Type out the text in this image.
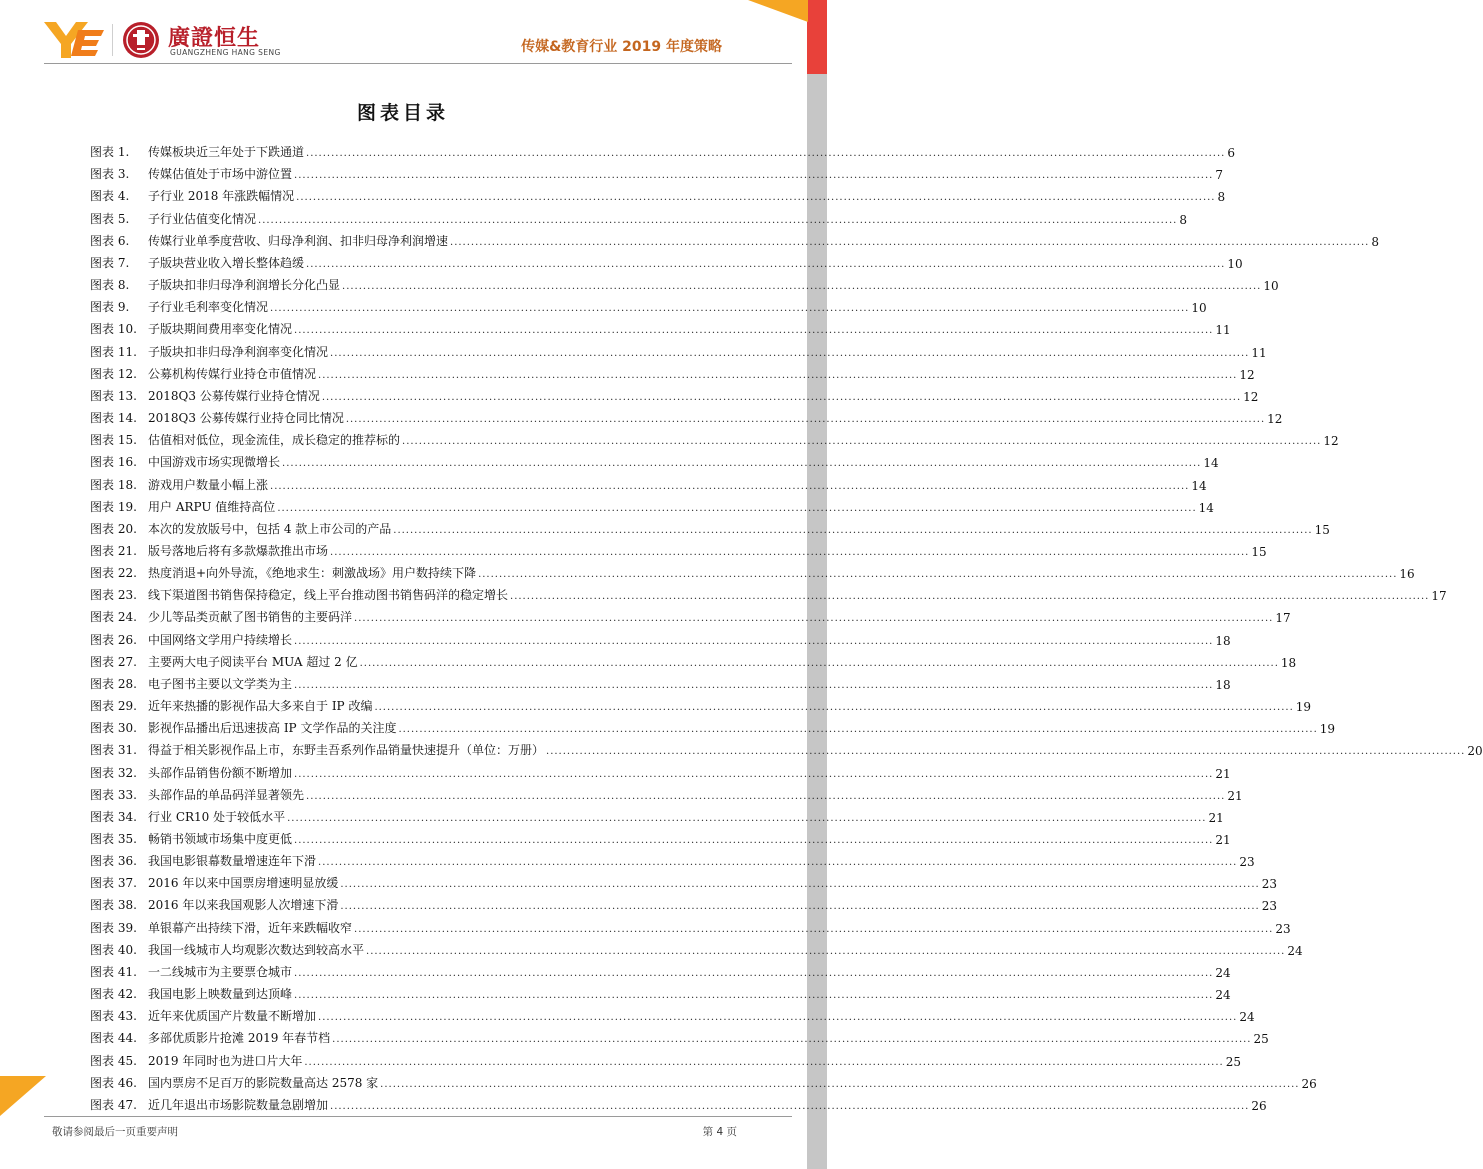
廣證恒生
GUANGZHENG HANG SENG	传媒&教育行业 2019 年度策略
图表目录
图表 1.	传媒板块近三年处于下跌通道 ............................................................................................................................................................................................................................ 6
图表 3.	传媒估值处于市场中游位置 ............................................................................................................................................................................................................................ 7
图表 4.	子行业 2018 年涨跌幅情况 ............................................................................................................................................................................................................................ 8
图表 5.	子行业估值变化情况 ............................................................................................................................................................................................................................ 8
图表 6.	传媒行业单季度营收、归母净利润、扣非归母净利润增速 ............................................................................................................................................................................................................................ 8
图表 7.	子版块营业收入增长整体趋缓 ............................................................................................................................................................................................................................ 10
图表 8.	子版块扣非归母净利润增长分化凸显 ............................................................................................................................................................................................................................ 10
图表 9.	子行业毛利率变化情况 ............................................................................................................................................................................................................................ 10
图表 10. 子版块期间费用率变化情况 ............................................................................................................................................................................................................................ 11
图表 11. 子版块扣非归母净利润率变化情况 ............................................................................................................................................................................................................................ 11
图表 12. 公募机构传媒行业持仓市值情况 ............................................................................................................................................................................................................................ 12
图表 13. 2018Q3 公募传媒行业持仓情况 ............................................................................................................................................................................................................................ 12
图表 14. 2018Q3 公募传媒行业持仓同比情况 ............................................................................................................................................................................................................................ 12
图表 15. 估值相对低位，现金流佳，成长稳定的推荐标的 ............................................................................................................................................................................................................................ 12
图表 16. 中国游戏市场实现微增长 ............................................................................................................................................................................................................................ 14
图表 18. 游戏用户数量小幅上涨 ............................................................................................................................................................................................................................ 14
图表 19. 用户 ARPU 值维持高位 ............................................................................................................................................................................................................................ 14
图表 20. 本次的发放版号中，包括 4 款上市公司的产品 ............................................................................................................................................................................................................................ 15
图表 21. 版号落地后将有多款爆款推出市场 ............................................................................................................................................................................................................................ 15
图表 22. 热度消退+向外导流，《绝地求生：刺激战场》用户数持续下降 ............................................................................................................................................................................................................................ 16
图表 23. 线下渠道图书销售保持稳定，线上平台推动图书销售码洋的稳定增长 ............................................................................................................................................................................................................................ 17
图表 24. 少儿等品类贡献了图书销售的主要码洋 ............................................................................................................................................................................................................................ 17
图表 26. 中国网络文学用户持续增长 ............................................................................................................................................................................................................................ 18
图表 27. 主要两大电子阅读平台 MUA 超过 2 亿 ............................................................................................................................................................................................................................ 18
图表 28. 电子图书主要以文学类为主 ............................................................................................................................................................................................................................ 18
图表 29. 近年来热播的影视作品大多来自于 IP 改编 ............................................................................................................................................................................................................................ 19
图表 30. 影视作品播出后迅速拔高 IP 文学作品的关注度 ............................................................................................................................................................................................................................ 19
图表 31. 得益于相关影视作品上市，东野圭吾系列作品销量快速提升（单位：万册） ............................................................................................................................................................................................................................ 20
图表 32. 头部作品销售份额不断增加 ............................................................................................................................................................................................................................ 21
图表 33. 头部作品的单品码洋显著领先 ............................................................................................................................................................................................................................ 21
图表 34. 行业 CR10 处于较低水平 ............................................................................................................................................................................................................................ 21
图表 35. 畅销书领域市场集中度更低 ............................................................................................................................................................................................................................ 21
图表 36. 我国电影银幕数量增速连年下滑 ............................................................................................................................................................................................................................ 23
图表 37. 2016 年以来中国票房增速明显放缓 ............................................................................................................................................................................................................................ 23
图表 38. 2016 年以来我国观影人次增速下滑 ............................................................................................................................................................................................................................ 23
图表 39. 单银幕产出持续下滑，近年来跌幅收窄 ............................................................................................................................................................................................................................ 23
图表 40. 我国一线城市人均观影次数达到较高水平 ............................................................................................................................................................................................................................ 24
图表 41. 一二线城市为主要票仓城市 ............................................................................................................................................................................................................................ 24
图表 42. 我国电影上映数量到达顶峰 ............................................................................................................................................................................................................................ 24
图表 43. 近年来优质国产片数量不断增加 ............................................................................................................................................................................................................................ 24
图表 44. 多部优质影片抢滩 2019 年春节档 ............................................................................................................................................................................................................................ 25
图表 45. 2019 年同时也为进口片大年 ............................................................................................................................................................................................................................ 25
图表 46. 国内票房不足百万的影院数量高达 2578 家 ............................................................................................................................................................................................................................ 26
图表 47. 近几年退出市场影院数量急剧增加 ............................................................................................................................................................................................................................ 26
敬请参阅最后一页重要声明	第 4 页
